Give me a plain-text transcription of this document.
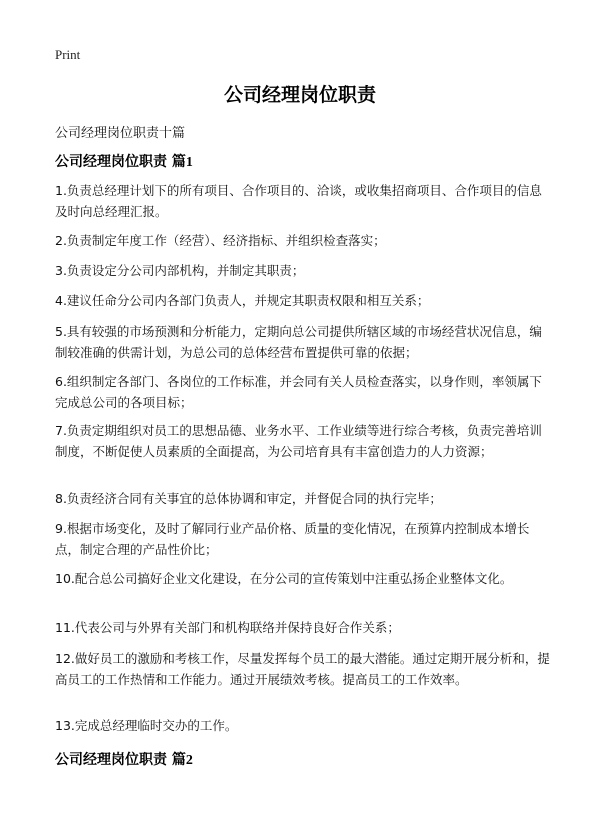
Print
公司经理岗位职责
公司经理岗位职责十篇
公司经理岗位职责 篇1

1.负责总经理计划下的所有项目、合作项目的、洽谈，或收集招商项目、合作项目的信息及时向总经理汇报。

2.负责制定年度工作（经营）、经济指标、并组织检查落实；

3.负责设定分公司内部机构，并制定其职责；

4.建议任命分公司内各部门负责人，并规定其职责权限和相互关系；

5.具有较强的市场预测和分析能力，定期向总公司提供所辖区域的市场经营状况信息，编制较准确的供需计划，为总公司的总体经营布置提供可靠的依据；

6.组织制定各部门、各岗位的工作标准，并会同有关人员检查落实，以身作则，率领属下完成总公司的各项目标；

7.负责定期组织对员工的思想品德、业务水平、工作业绩等进行综合考核，负责完善培训制度，不断促使人员素质的全面提高，为公司培育具有丰富创造力的人力资源；

8.负责经济合同有关事宜的总体协调和审定，并督促合同的执行完毕；

9.根据市场变化，及时了解同行业产品价格、质量的变化情况，在预算内控制成本增长点，制定合理的产品性价比；

10.配合总公司搞好企业文化建设，在分公司的宣传策划中注重弘扬企业整体文化。

11.代表公司与外界有关部门和机构联络并保持良好合作关系；

12.做好员工的激励和考核工作，尽量发挥每个员工的最大潜能。通过定期开展分析和，提高员工的工作热情和工作能力。通过开展绩效考核。提高员工的工作效率。

13.完成总经理临时交办的工作。

公司经理岗位职责 篇2
